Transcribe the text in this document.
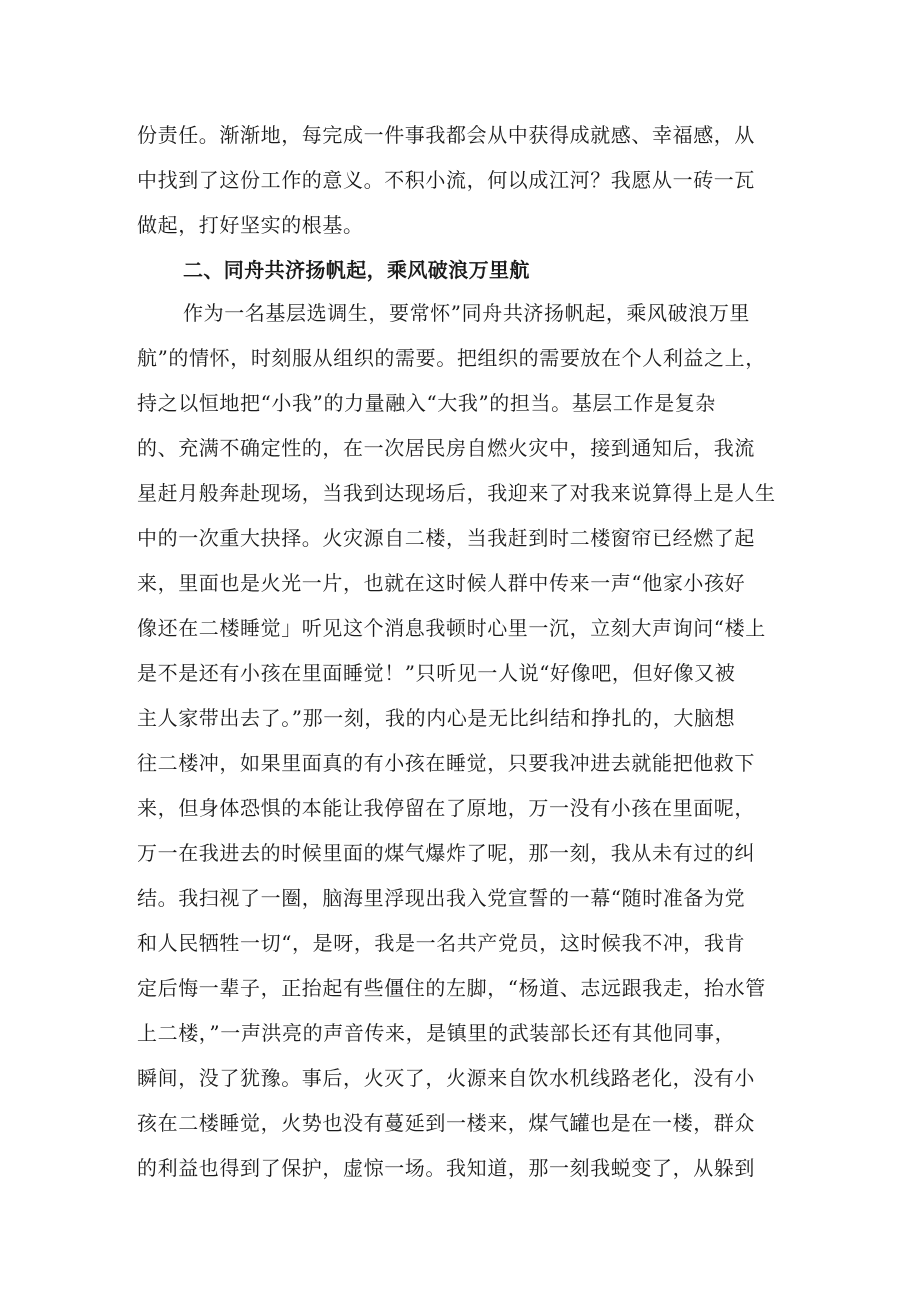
份责任。渐渐地，每完成一件事我都会从中获得成就感、幸福感，从
中找到了这份工作的意义。不积小流，何以成江河？我愿从一砖一瓦
做起，打好坚实的根基。
二、同舟共济扬帆起，乘风破浪万里航
作为一名基层选调生，要常怀”同舟共济扬帆起，乘风破浪万里
航”的情怀，时刻服从组织的需要。把组织的需要放在个人利益之上，
持之以恒地把“小我”的力量融入“大我”的担当。基层工作是复杂
的、充满不确定性的，在一次居民房自燃火灾中，接到通知后，我流
星赶月般奔赴现场，当我到达现场后，我迎来了对我来说算得上是人生
中的一次重大抉择。火灾源自二楼，当我赶到时二楼窗帘已经燃了起
来，里面也是火光一片，也就在这时候人群中传来一声“他家小孩好
像还在二楼睡觉」听见这个消息我顿时心里一沉，立刻大声询问“楼上
是不是还有小孩在里面睡觉！”只听见一人说“好像吧，但好像又被
主人家带出去了。”那一刻，我的内心是无比纠结和挣扎的，大脑想
往二楼冲，如果里面真的有小孩在睡觉，只要我冲进去就能把他救下
来，但身体恐惧的本能让我停留在了原地，万一没有小孩在里面呢，
万一在我进去的时候里面的煤气爆炸了呢，那一刻，我从未有过的纠
结。我扫视了一圈，脑海里浮现出我入党宣誓的一幕“随时准备为党
和人民牺牲一切“，是呀，我是一名共产党员，这时候我不冲，我肯
定后悔一辈子，正抬起有些僵住的左脚，“杨道、志远跟我走，抬水管
上二楼，”一声洪亮的声音传来，是镇里的武装部长还有其他同事，
瞬间，没了犹豫。事后，火灭了，火源来自饮水机线路老化，没有小
孩在二楼睡觉，火势也没有蔓延到一楼来，煤气罐也是在一楼，群众
的利益也得到了保护，虚惊一场。我知道，那一刻我蜕变了，从躲到
